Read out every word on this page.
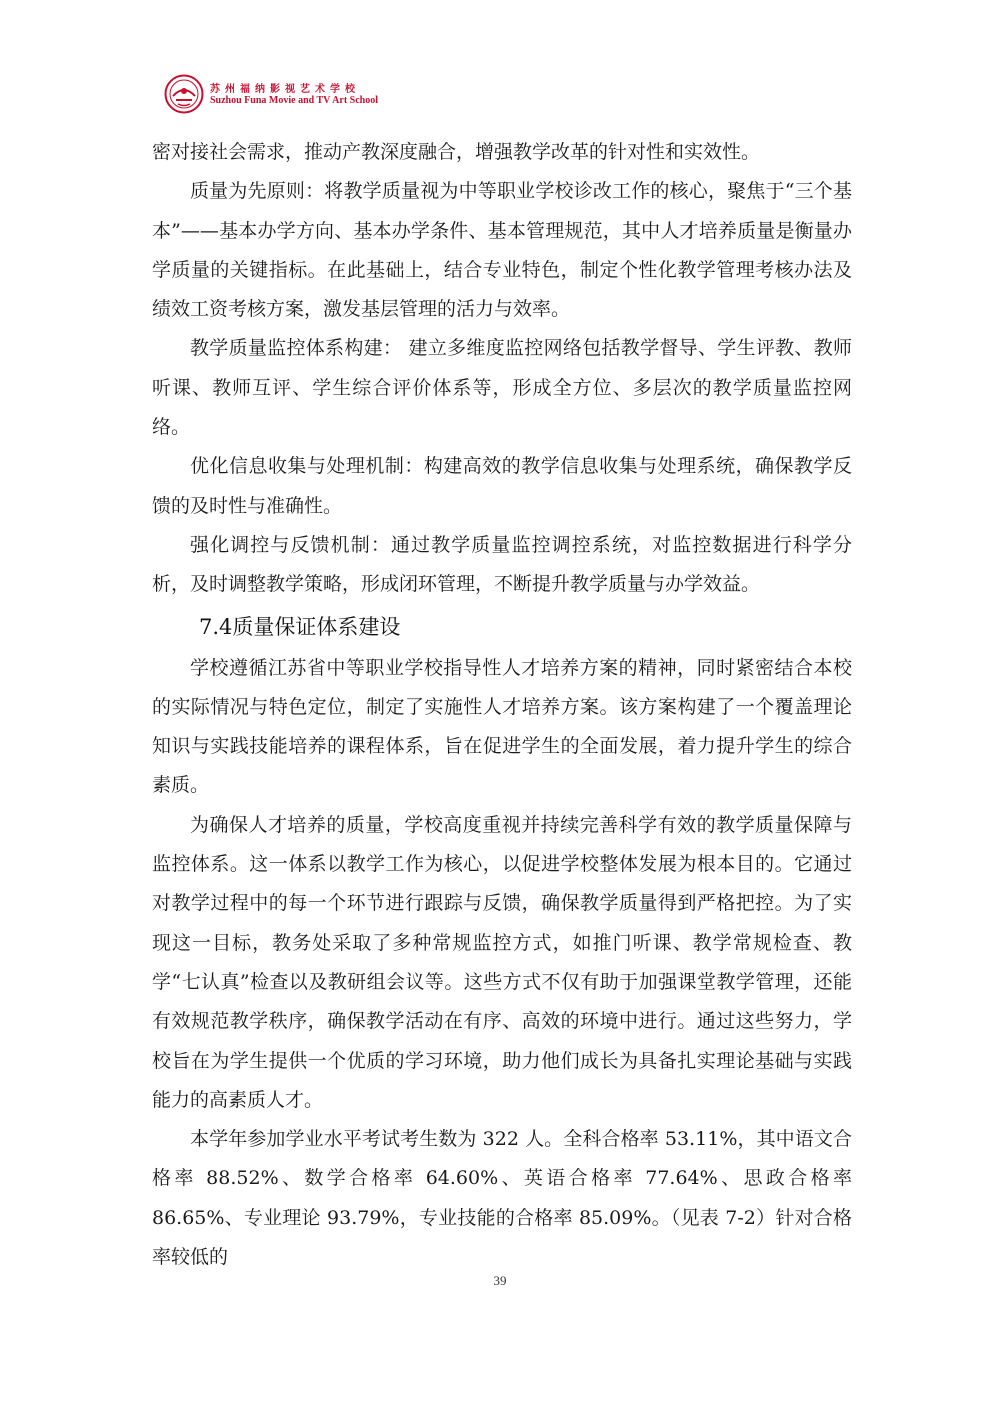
苏州福纳影视艺术学校
Suzhou Funa Movie and TV Art School

密对接社会需求，推动产教深度融合，增强教学改革的针对性和实效性。

质量为先原则：将教学质量视为中等职业学校诊改工作的核心，聚焦于“三个基本”——基本办学方向、基本办学条件、基本管理规范，其中人才培养质量是衡量办学质量的关键指标。在此基础上，结合专业特色，制定个性化教学管理考核办法及绩效工资考核方案，激发基层管理的活力与效率。

教学质量监控体系构建： 建立多维度监控网络包括教学督导、学生评教、教师听课、教师互评、学生综合评价体系等，形成全方位、多层次的教学质量监控网络。

优化信息收集与处理机制：构建高效的教学信息收集与处理系统，确保教学反馈的及时性与准确性。

强化调控与反馈机制：通过教学质量监控调控系统，对监控数据进行科学分析，及时调整教学策略，形成闭环管理，不断提升教学质量与办学效益。

7.4质量保证体系建设

学校遵循江苏省中等职业学校指导性人才培养方案的精神，同时紧密结合本校的实际情况与特色定位，制定了实施性人才培养方案。该方案构建了一个覆盖理论知识与实践技能培养的课程体系，旨在促进学生的全面发展，着力提升学生的综合素质。

为确保人才培养的质量，学校高度重视并持续完善科学有效的教学质量保障与监控体系。这一体系以教学工作为核心，以促进学校整体发展为根本目的。它通过对教学过程中的每一个环节进行跟踪与反馈，确保教学质量得到严格把控。为了实现这一目标，教务处采取了多种常规监控方式，如推门听课、教学常规检查、教学“七认真”检查以及教研组会议等。这些方式不仅有助于加强课堂教学管理，还能有效规范教学秩序，确保教学活动在有序、高效的环境中进行。通过这些努力，学校旨在为学生提供一个优质的学习环境，助力他们成长为具备扎实理论基础与实践能力的高素质人才。

本学年参加学业水平考试考生数为 322 人。全科合格率 53.11%，其中语文合格率 88.52%、数学合格率 64.60%、英语合格率 77.64%、思政合格率 86.65%、专业理论 93.79%，专业技能的合格率 85.09%。（见表 7-2）针对合格率较低的

39
